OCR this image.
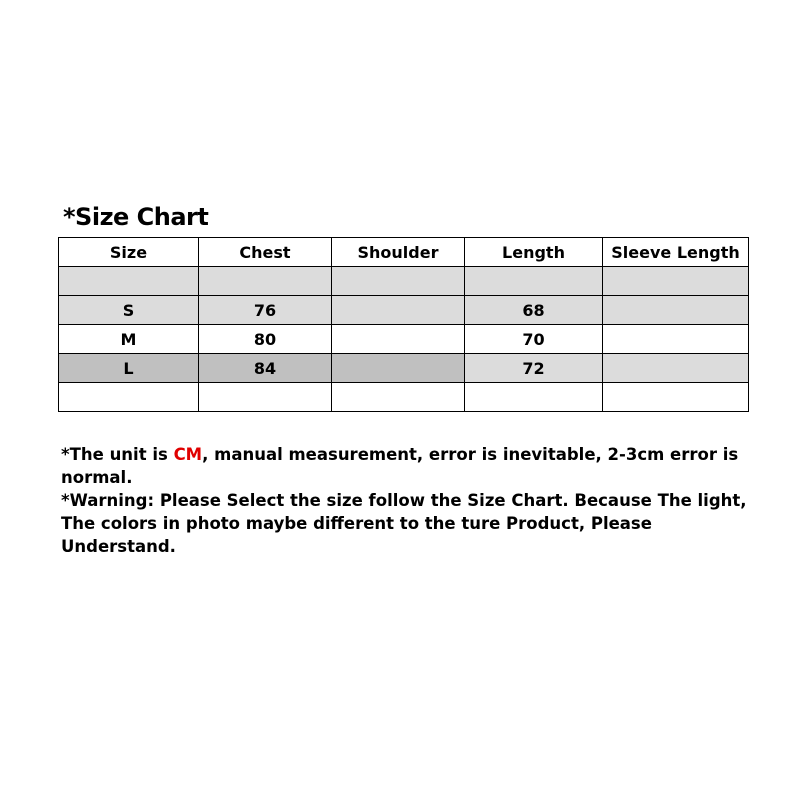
*Size Chart
Size	Chest	Shoulder	Length	Sleeve Length

S	76		68	
M	80		70	
L	84		72	

*The unit is CM, manual measurement, error is inevitable, 2-3cm error is normal.

*Warning: Please Select the size follow the Size Chart. Because The light, The colors in photo maybe different to the ture Product, Please Understand.
